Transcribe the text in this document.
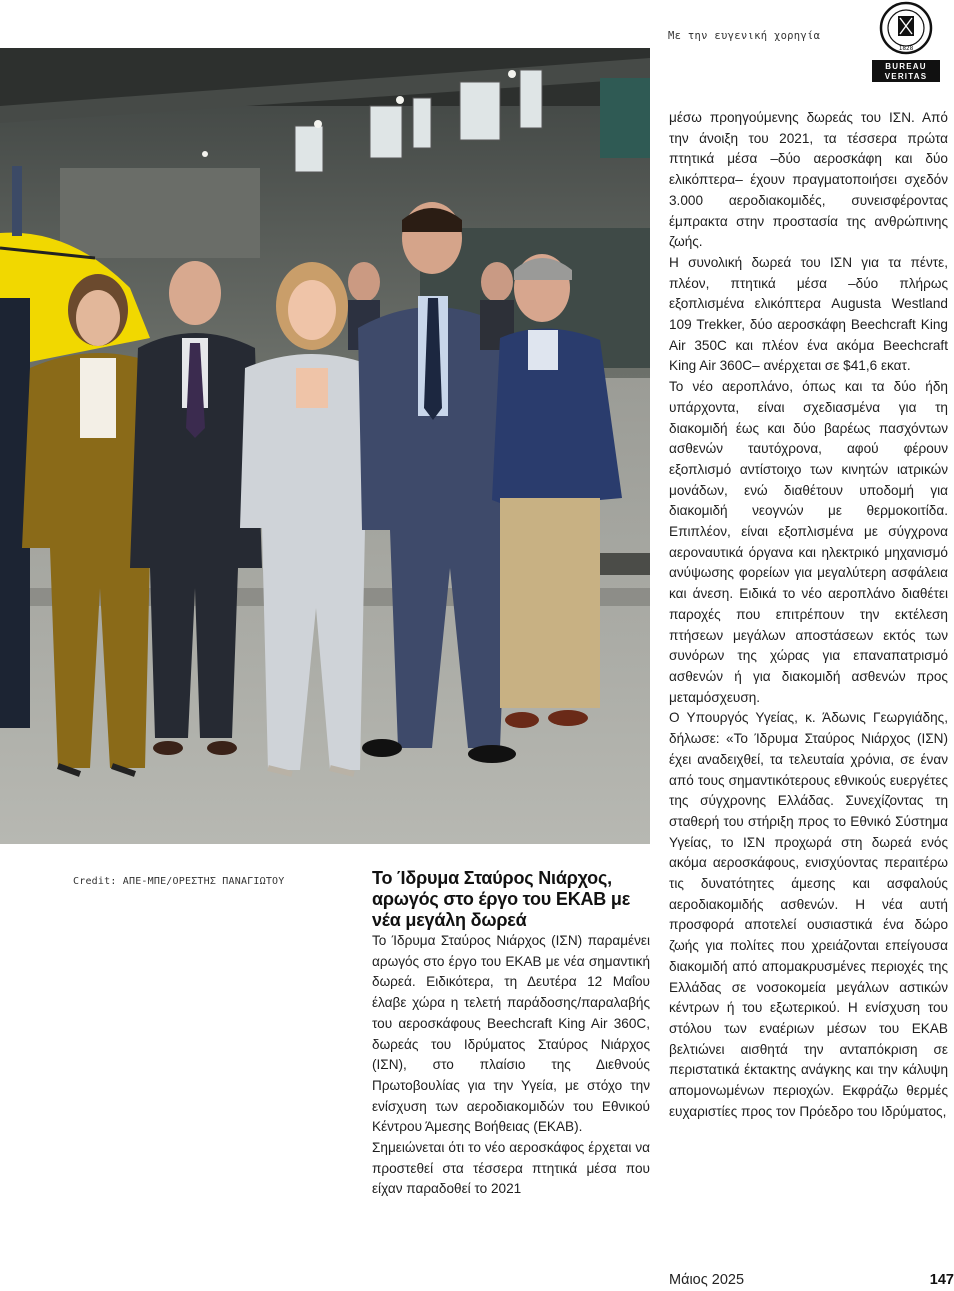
Με την ευγενική χορηγία
1828
BUREAU
VERITAS
Credit: ΑΠΕ-ΜΠΕ/ΟΡΕΣΤΗΣ ΠΑΝΑΓΙΩΤΟΥ	Το Ίδρυμα Σταύρος Νιάρχος, αρωγός στο έργο του ΕΚΑΒ με νέα μεγάλη δωρεά

Το Ίδρυμα Σταύρος Νιάρχος (ΙΣΝ) παραμένει αρωγός στο έργο του ΕΚΑΒ με νέα σημαντική δωρεά. Ειδικότερα, τη Δευτέρα 12 Μαΐου έλαβε χώρα η τελετή παράδοσης/παραλαβής του αεροσκάφους Beechcraft King Air 360C, δωρεάς του Ιδρύματος Σταύρος Νιάρχος (ΙΣΝ), στο πλαίσιο της Διεθνούς Πρωτοβουλίας για την Υγεία, με στόχο την ενίσχυση των αεροδιακομιδών του Εθνικού Κέντρου Άμεσης Βοήθειας (ΕΚΑΒ).

Σημειώνεται ότι το νέο αεροσκάφος έρχεται να προστεθεί στα τέσσερα πτητικά μέσα που είχαν παραδοθεί το 2021

μέσω προηγούμενης δωρεάς του ΙΣΝ. Από την άνοιξη του 2021, τα τέσσερα πρώτα πτητικά μέσα –δύο αεροσκάφη και δύο ελικόπτερα– έχουν πραγματοποιήσει σχεδόν 3.000 αεροδιακομιδές, συνεισφέροντας έμπρακτα στην προστασία της ανθρώπινης ζωής.

Η συνολική δωρεά του ΙΣΝ για τα πέντε, πλέον, πτητικά μέσα –δύο πλήρως εξοπλισμένα ελικόπτερα Augusta Westland 109 Trekker, δύο αεροσκάφη Beechcraft King Air 350C και πλέον ένα ακόμα Beechcraft King Air 360C– ανέρχεται σε $41,6 εκατ.

Το νέο αεροπλάνο, όπως και τα δύο ήδη υπάρχοντα, είναι σχεδιασμένα για τη διακομιδή έως και δύο βαρέως πασχόντων ασθενών ταυτόχρονα, αφού φέρουν εξοπλισμό αντίστοιχο των κινητών ιατρικών μονάδων, ενώ διαθέτουν υποδομή για διακομιδή νεογνών με θερμοκοιτίδα. Επιπλέον, είναι εξοπλισμένα με σύγχρονα αεροναυτικά όργανα και ηλεκτρικό μηχανισμό ανύψωσης φορείων για μεγαλύτερη ασφάλεια και άνεση. Ειδικά το νέο αεροπλάνο διαθέτει παροχές που επιτρέπουν την εκτέλεση πτήσεων μεγάλων αποστάσεων εκτός των συνόρων της χώρας για επαναπατρισμό ασθενών ή για διακομιδή ασθενών προς μεταμόσχευση.

Ο Υπουργός Υγείας, κ. Άδωνις Γεωργιάδης, δήλωσε: «Το Ίδρυμα Σταύρος Νιάρχος (ΙΣΝ) έχει αναδειχθεί, τα τελευταία χρόνια, σε έναν από τους σημαντικότερους εθνικούς ευεργέτες της σύγχρονης Ελλάδας. Συνεχίζοντας τη σταθερή του στήριξη προς το Εθνικό Σύστημα Υγείας, το ΙΣΝ προχωρά στη δωρεά ενός ακόμα αεροσκάφους, ενισχύοντας περαιτέρω τις δυνατότητες άμεσης και ασφαλούς αεροδιακομιδής ασθενών. Η νέα αυτή προσφορά αποτελεί ουσιαστικά ένα δώρο ζωής για πολίτες που χρειάζονται επείγουσα διακομιδή από απομακρυσμένες περιοχές της Ελλάδας σε νοσοκομεία μεγάλων αστικών κέντρων ή του εξωτερικού. Η ενίσχυση του στόλου των εναέριων μέσων του ΕΚΑΒ βελτιώνει αισθητά την ανταπόκριση σε περιστατικά έκτακτης ανάγκης και την κάλυψη απομονωμένων περιοχών. Εκφράζω θερμές ευχαριστίες προς τον Πρόεδρο του Ιδρύματος,

Μάιος 2025	147
